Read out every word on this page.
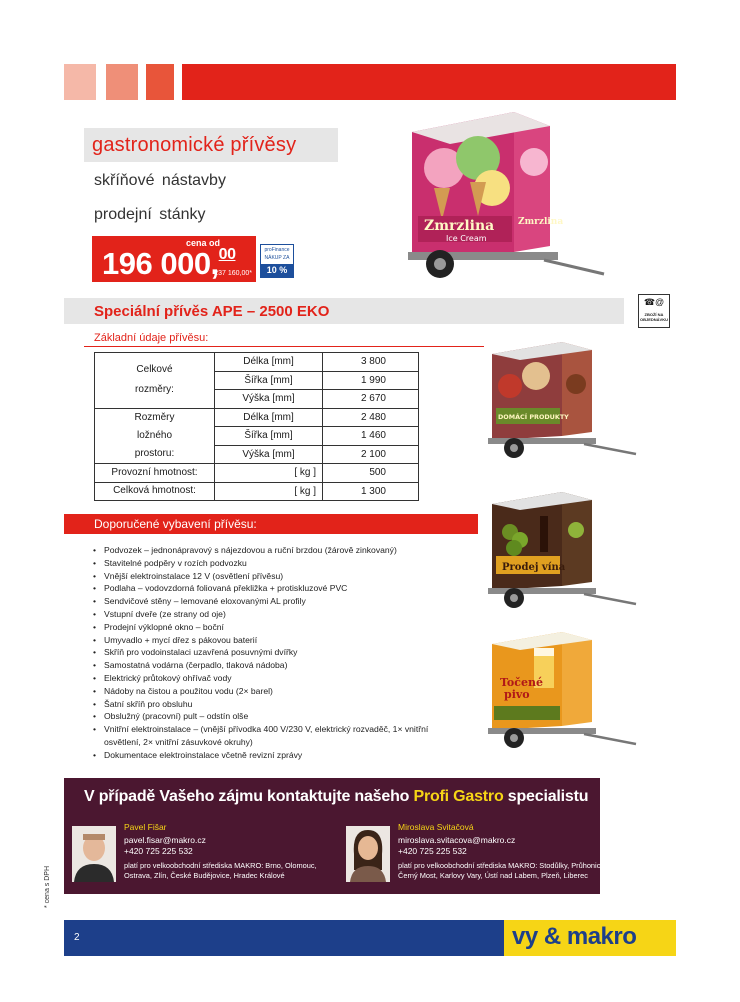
gastronomické přívěsy
skříňové nástavby
prodejní stánky
cena od
196 000,00
237 160,00*
proFinance
NÁKUP ZA
10 %
Zmrzlina
Ice Cream
Zmrzlina
Speciální přívěs APE – 2500 EKO
☎@
ZBOŽÍ NA OBJEDNÁVKU
Základní údaje přívěsu:
Celkové
rozměry:	Délka [mm]	3 800
	Šířka [mm]	1 990
	Výška [mm]	2 670
Rozměry
ložného
prostoru:	Délka [mm]	2 480
	Šířka [mm]	1 460
	Výška [mm]	2 100
Provozní hmotnost:	[ kg ]	500
Celková hmotnost:	[ kg ]	1 300
DOMÁCÍ PRODUKTY
Doporučené vybavení přívěsu:
• Podvozek – jednonápravový s nájezdovou a ruční brzdou (žárově zinkovaný)
• Stavitelné podpěry v rozích podvozku
• Vnější elektroinstalace 12 V (osvětlení přívěsu)
• Podlaha – vodovzdorná foliovaná překližka + protiskluzové PVC
• Sendvičové stěny – lemované eloxovanými AL profily
• Vstupní dveře (ze strany od oje)
• Prodejní výklopné okno – boční
• Umyvadlo + mycí dřez s pákovou baterií
• Skříň pro vodoinstalaci uzavřená posuvnými dvířky
• Samostatná vodárna (čerpadlo, tlaková nádoba)
• Elektrický průtokový ohřívač vody
• Nádoby na čistou a použitou vodu (2× barel)
• Šatní skříň pro obsluhu
• Obslužný (pracovní) pult – odstín olše
• Vnitřní elektroinstalace – (vnější přívodka 400 V/230 V, elektrický rozvaděč, 1× vnitřní osvětlení, 2× vnitřní zásuvkové okruhy)
• Dokumentace elektroinstalace včetně revizní zprávy
Prodej vína
Točené
pivo
V případě Vašeho zájmu kontaktujte našeho Profi Gastro specialistu
Pavel Fišar
pavel.fisar@makro.cz
+420 725 225 532
platí pro velkoobchodní střediska MAKRO: Brno, Olomouc, Ostrava, Zlín, České Budějovice, Hradec Králové
Miroslava Svitačová
miroslava.svitacova@makro.cz
+420 725 225 532
platí pro velkoobchodní střediska MAKRO: Stodůlky, Průhonice, Černý Most, Karlovy Vary, Ústí nad Labem, Plzeň, Liberec
2	vy & makro
* cena s DPH
